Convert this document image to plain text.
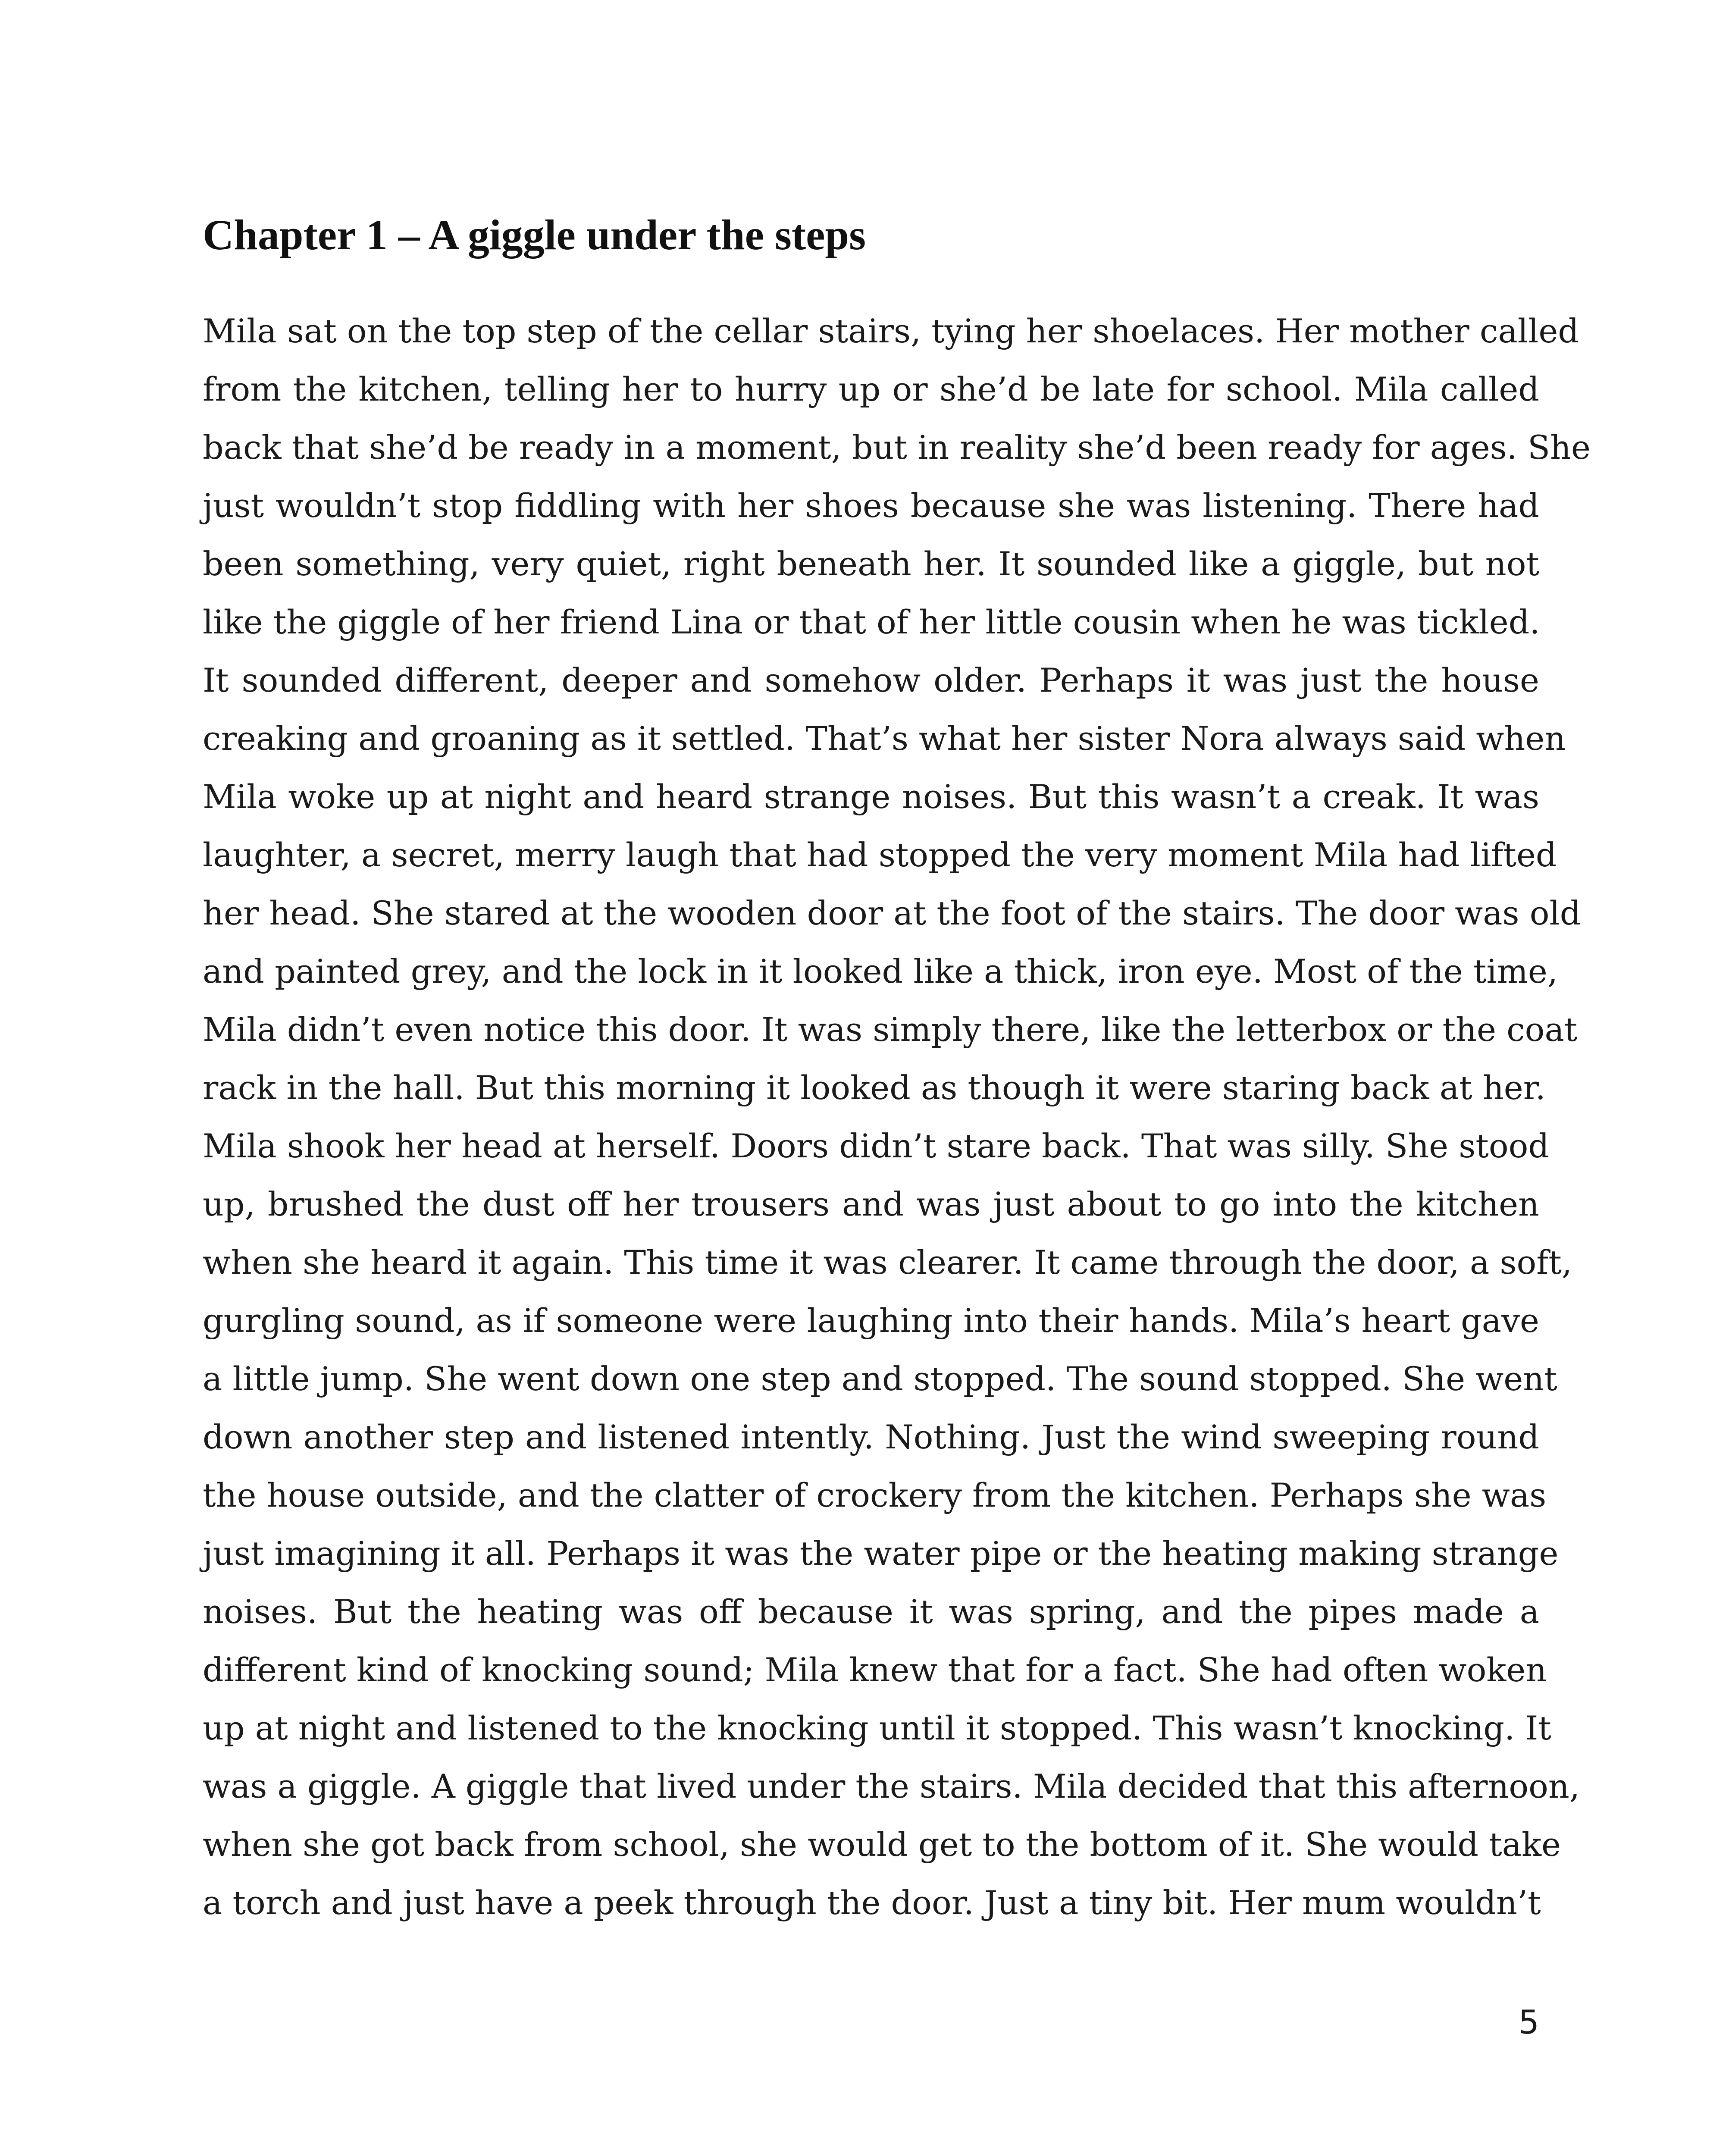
Chapter 1 – A giggle under the steps
Mila sat on the top step of the cellar stairs, tying her shoelaces. Her mother called
from the kitchen, telling her to hurry up or she’d be late for school. Mila called
back that she’d be ready in a moment, but in reality she’d been ready for ages. She
just wouldn’t stop fiddling with her shoes because she was listening. There had
been something, very quiet, right beneath her. It sounded like a giggle, but not
like the giggle of her friend Lina or that of her little cousin when he was tickled.
It sounded different, deeper and somehow older. Perhaps it was just the house
creaking and groaning as it settled. That’s what her sister Nora always said when
Mila woke up at night and heard strange noises. But this wasn’t a creak. It was
laughter, a secret, merry laugh that had stopped the very moment Mila had lifted
her head. She stared at the wooden door at the foot of the stairs. The door was old
and painted grey, and the lock in it looked like a thick, iron eye. Most of the time,
Mila didn’t even notice this door. It was simply there, like the letterbox or the coat
rack in the hall. But this morning it looked as though it were staring back at her.
Mila shook her head at herself. Doors didn’t stare back. That was silly. She stood
up, brushed the dust off her trousers and was just about to go into the kitchen
when she heard it again. This time it was clearer. It came through the door, a soft,
gurgling sound, as if someone were laughing into their hands. Mila’s heart gave
a little jump. She went down one step and stopped. The sound stopped. She went
down another step and listened intently. Nothing. Just the wind sweeping round
the house outside, and the clatter of crockery from the kitchen. Perhaps she was
just imagining it all. Perhaps it was the water pipe or the heating making strange
noises. But the heating was off because it was spring, and the pipes made a
different kind of knocking sound; Mila knew that for a fact. She had often woken
up at night and listened to the knocking until it stopped. This wasn’t knocking. It
was a giggle. A giggle that lived under the stairs. Mila decided that this afternoon,
when she got back from school, she would get to the bottom of it. She would take
a torch and just have a peek through the door. Just a tiny bit. Her mum wouldn’t
5
